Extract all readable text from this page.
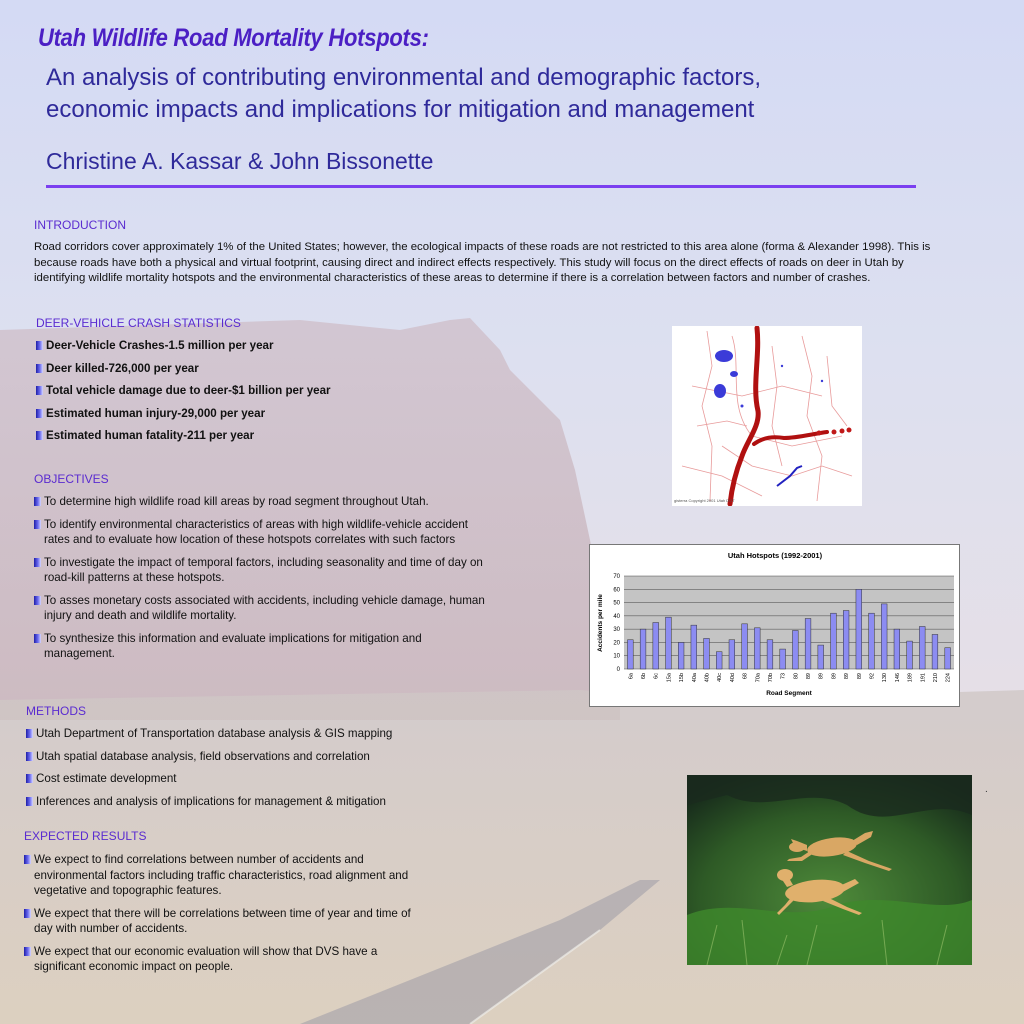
Utah Wildlife Road Mortality Hotspots:
An analysis of contributing environmental and demographic factors,
economic impacts and implications for mitigation and management
Christine A. Kassar & John Bissonette
INTRODUCTION
Road corridors cover approximately 1% of the United States; however, the ecological impacts of these roads are not restricted to this area alone (forma & Alexander 1998). This is because roads have both a physical and virtual footprint, causing direct and indirect effects respectively. This study will focus on the direct effects of roads on deer in Utah by identifying wildlife mortality hotspots and the environmental characteristics of these areas to determine if there is a correlation between factors and number of crashes.
DEER-VEHICLE CRASH STATISTICS
Deer-Vehicle Crashes-1.5 million per year
Deer killed-726,000 per year
Total vehicle damage due to deer-$1 billion per year
Estimated human injury-29,000 per year
Estimated human fatality-211 per year
OBJECTIVES
To determine high wildlife road kill areas by road segment throughout Utah.
To identify environmental characteristics of areas with high wildlife-vehicle accident rates and to evaluate how location of these hotspots correlates with such factors
To investigate the impact of temporal factors, including seasonality and time of day on road-kill patterns at these hotspots.
To asses monetary costs associated with accidents, including vehicle damage, human injury and death and wildlife mortality.
To synthesize this information and evaluate implications for mitigation and management.
METHODS
Utah Department of Transportation database analysis & GIS mapping
Utah spatial database analysis, field observations and correlation
Cost estimate development
Inferences and analysis of implications for management & mitigation
EXPECTED RESULTS
We expect to find correlations between number of accidents and environmental factors including traffic characteristics, road alignment and vegetative and topographic features.
We expect that there will be correlations between time of year and time of day with number of accidents.
We expect that our economic evaluation will show that DVS have a significant economic impact on people.
gisterra Copyright 2001 Utah DOT
Utah Hotspots (1992-2001)
0
10
20
30
40
50
60
70
6a 6b 6c 15a 15b 40a 40b 40c 40d 68 70a 70b 73 80 89 89 89 89 89 92 130 146 189 191 210 224
Accidents per mile
Road Segment
.
